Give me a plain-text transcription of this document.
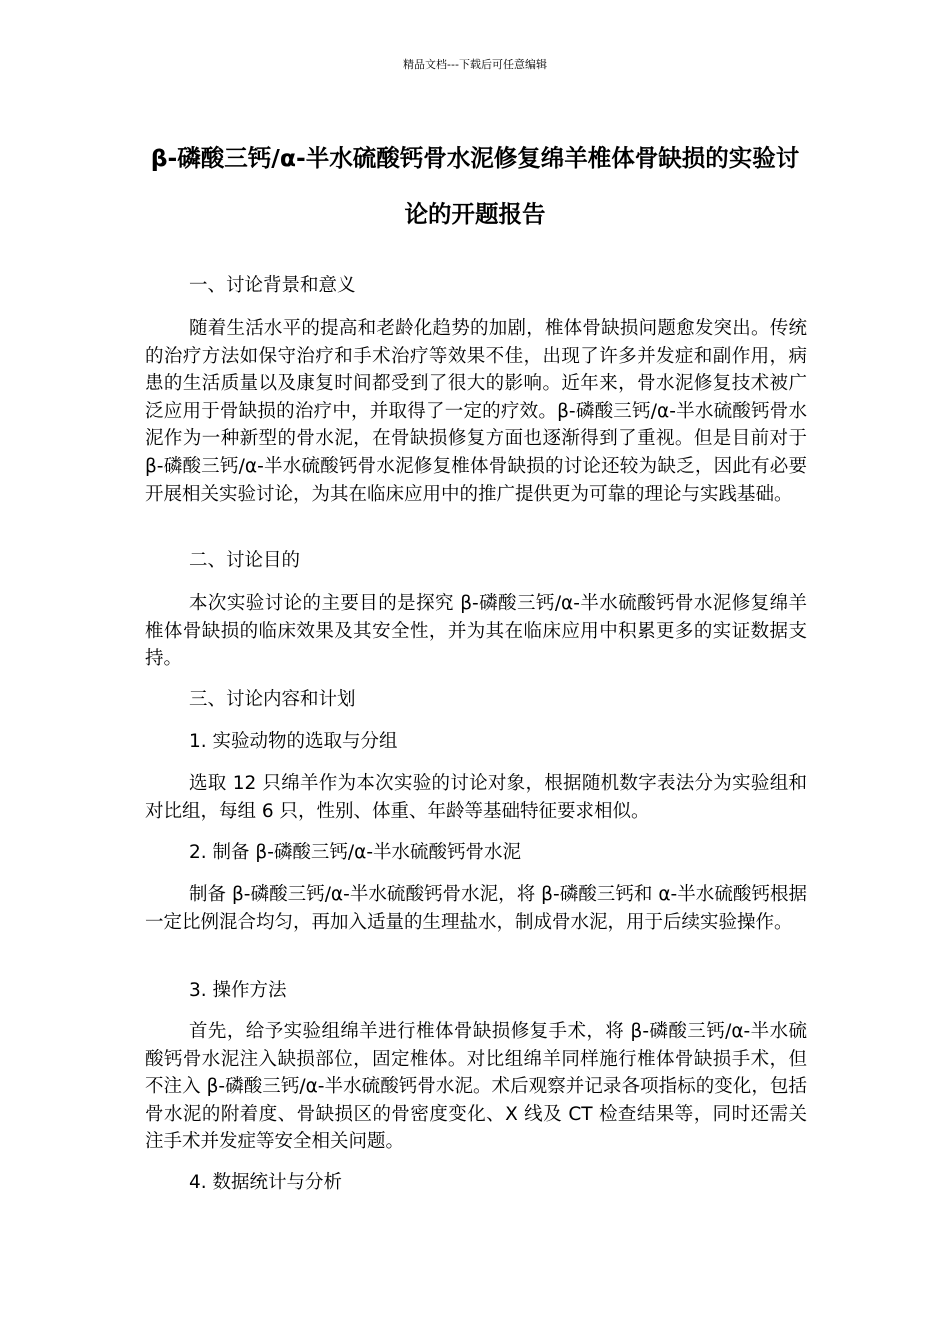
精品文档---下载后可任意编辑
β-磷酸三钙/α-半水硫酸钙骨水泥修复绵羊椎体骨缺损的实验讨论的开题报告

一、讨论背景和意义

随着生活水平的提高和老龄化趋势的加剧，椎体骨缺损问题愈发突出。传统的治疗方法如保守治疗和手术治疗等效果不佳，出现了许多并发症和副作用，病患的生活质量以及康复时间都受到了很大的影响。近年来，骨水泥修复技术被广泛应用于骨缺损的治疗中，并取得了一定的疗效。β-磷酸三钙/α-半水硫酸钙骨水泥作为一种新型的骨水泥，在骨缺损修复方面也逐渐得到了重视。但是目前对于 β-磷酸三钙/α-半水硫酸钙骨水泥修复椎体骨缺损的讨论还较为缺乏，因此有必要开展相关实验讨论，为其在临床应用中的推广提供更为可靠的理论与实践基础。

二、讨论目的

本次实验讨论的主要目的是探究 β-磷酸三钙/α-半水硫酸钙骨水泥修复绵羊椎体骨缺损的临床效果及其安全性，并为其在临床应用中积累更多的实证数据支持。

三、讨论内容和计划

1. 实验动物的选取与分组

选取 12 只绵羊作为本次实验的讨论对象，根据随机数字表法分为实验组和对比组，每组 6 只，性别、体重、年龄等基础特征要求相似。

2. 制备 β-磷酸三钙/α-半水硫酸钙骨水泥

制备 β-磷酸三钙/α-半水硫酸钙骨水泥，将 β-磷酸三钙和 α-半水硫酸钙根据一定比例混合均匀，再加入适量的生理盐水，制成骨水泥，用于后续实验操作。

3. 操作方法

首先，给予实验组绵羊进行椎体骨缺损修复手术，将 β-磷酸三钙/α-半水硫酸钙骨水泥注入缺损部位，固定椎体。对比组绵羊同样施行椎体骨缺损手术，但不注入 β-磷酸三钙/α-半水硫酸钙骨水泥。术后观察并记录各项指标的变化，包括骨水泥的附着度、骨缺损区的骨密度变化、X 线及 CT 检查结果等，同时还需关注手术并发症等安全相关问题。

4. 数据统计与分析
